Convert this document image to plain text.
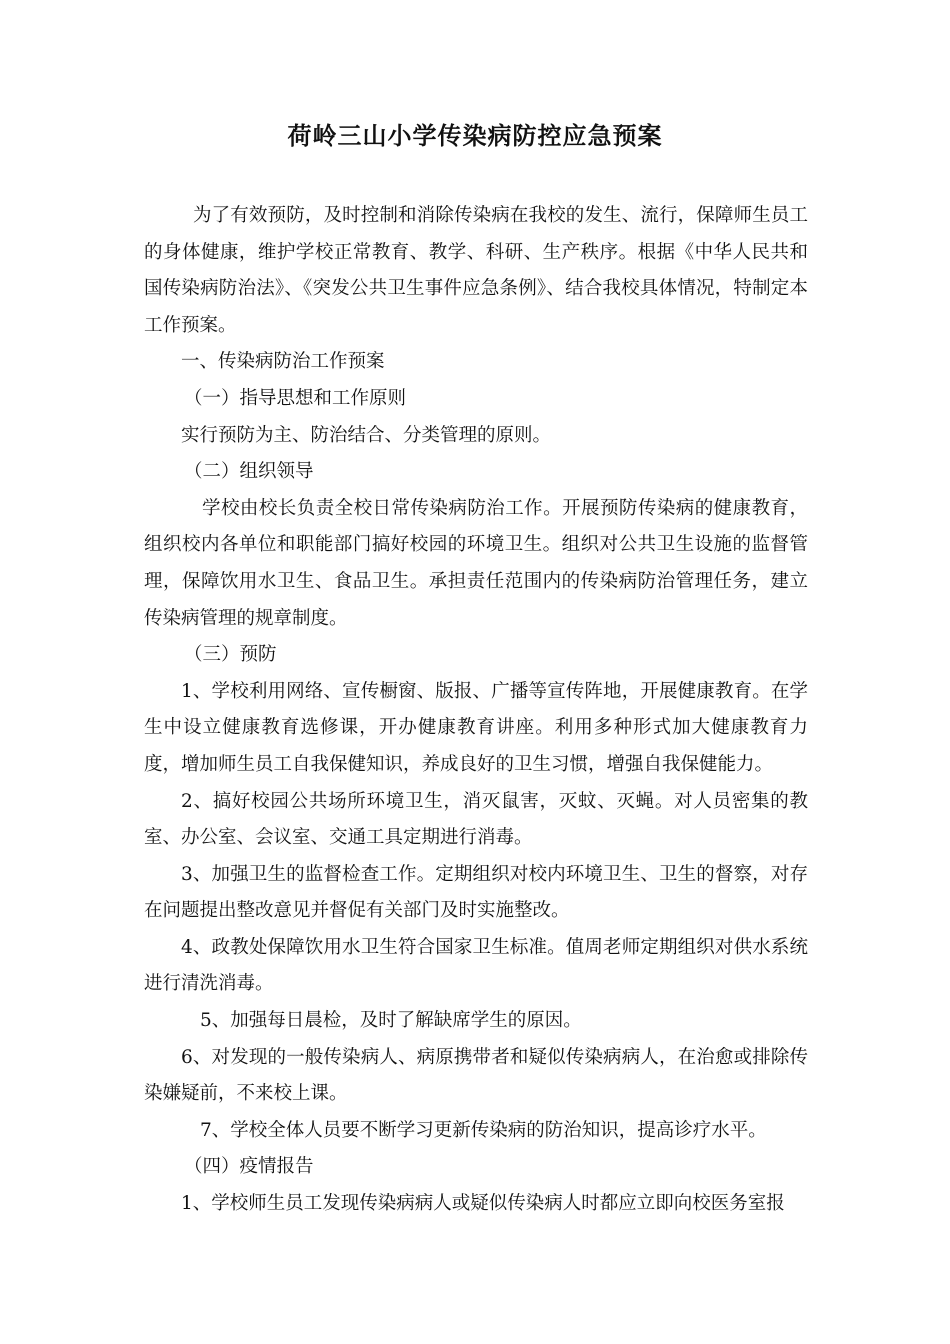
荷岭三山小学传染病防控应急预案

为了有效预防，及时控制和消除传染病在我校的发生、流行，保障师生员工的身体健康，维护学校正常教育、教学、科研、生产秩序。根据《中华人民共和国传染病防治法》、《突发公共卫生事件应急条例》、结合我校具体情况，特制定本工作预案。

一、传染病防治工作预案

（一）指导思想和工作原则

实行预防为主、防治结合、分类管理的原则。

（二）组织领导

学校由校长负责全校日常传染病防治工作。开展预防传染病的健康教育，组织校内各单位和职能部门搞好校园的环境卫生。组织对公共卫生设施的监督管理，保障饮用水卫生、食品卫生。承担责任范围内的传染病防治管理任务，建立传染病管理的规章制度。

（三）预防

1、学校利用网络、宣传橱窗、版报、广播等宣传阵地，开展健康教育。在学生中设立健康教育选修课，开办健康教育讲座。利用多种形式加大健康教育力度，增加师生员工自我保健知识，养成良好的卫生习惯，增强自我保健能力。

2、搞好校园公共场所环境卫生，消灭鼠害，灭蚊、灭蝇。对人员密集的教室、办公室、会议室、交通工具定期进行消毒。

3、加强卫生的监督检查工作。定期组织对校内环境卫生、卫生的督察，对存在问题提出整改意见并督促有关部门及时实施整改。

4、政教处保障饮用水卫生符合国家卫生标准。值周老师定期组织对供水系统进行清洗消毒。

5、加强每日晨检，及时了解缺席学生的原因。

6、对发现的一般传染病人、病原携带者和疑似传染病病人，在治愈或排除传染嫌疑前，不来校上课。

7、学校全体人员要不断学习更新传染病的防治知识，提高诊疗水平。

（四）疫情报告

1、学校师生员工发现传染病病人或疑似传染病人时都应立即向校医务室报
